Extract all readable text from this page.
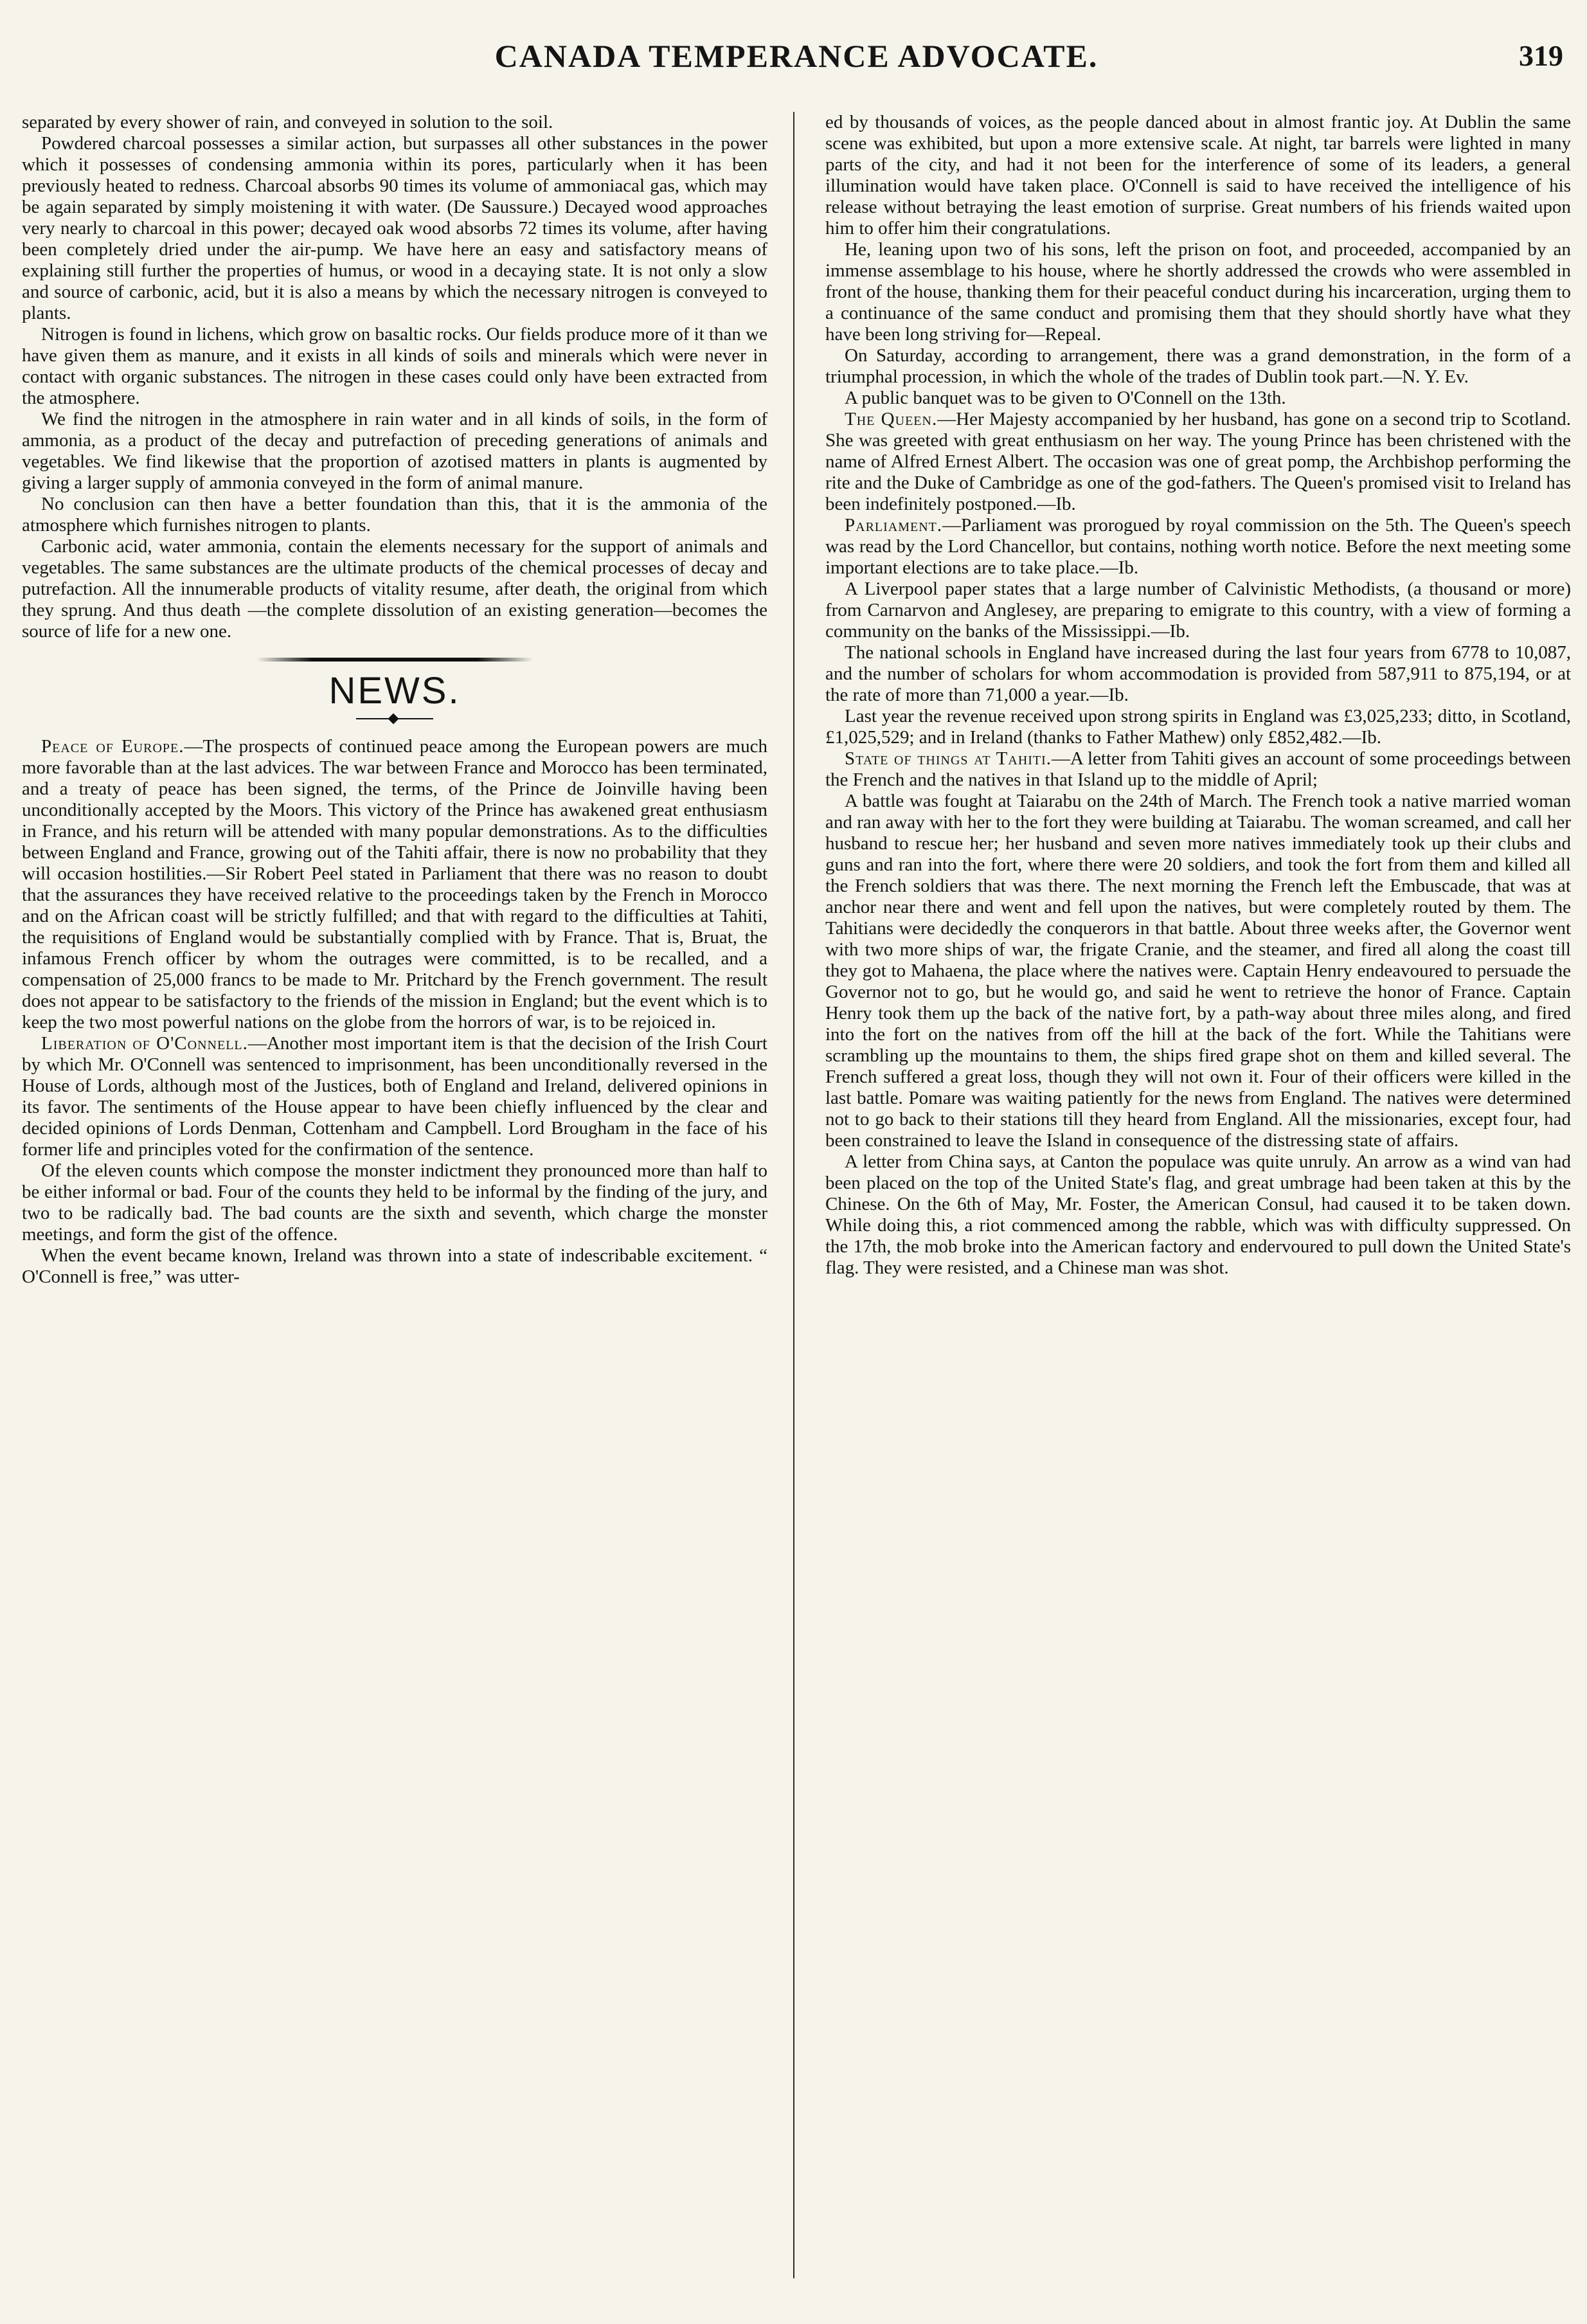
CANADA TEMPERANCE ADVOCATE.	319

separated by every shower of rain, and conveyed in solution to the soil.

Powdered charcoal possesses a similar action, but surpasses all other substances in the power which it possesses of condensing ammonia within its pores, particularly when it has been previously heated to redness. Charcoal absorbs 90 times its volume of ammoniacal gas, which may be again separated by simply moistening it with water. (De Saussure.) Decayed wood approaches very nearly to charcoal in this power; decayed oak wood absorbs 72 times its volume, after having been completely dried under the air-pump. We have here an easy and satisfactory means of explaining still further the properties of humus, or wood in a decaying state. It is not only a slow and source of carbonic, acid, but it is also a means by which the necessary nitrogen is conveyed to plants.

Nitrogen is found in lichens, which grow on basaltic rocks. Our fields produce more of it than we have given them as manure, and it exists in all kinds of soils and minerals which were never in contact with organic substances. The nitrogen in these cases could only have been extracted from the atmosphere.

We find the nitrogen in the atmosphere in rain water and in all kinds of soils, in the form of ammonia, as a product of the decay and putrefaction of preceding generations of animals and vegetables. We find likewise that the proportion of azotised matters in plants is augmented by giving a larger supply of ammonia conveyed in the form of animal manure.

No conclusion can then have a better foundation than this, that it is the ammonia of the atmosphere which furnishes nitrogen to plants.

Carbonic acid, water ammonia, contain the elements necessary for the support of animals and vegetables. The same substances are the ultimate products of the chemical processes of decay and putrefaction. All the innumerable products of vitality resume, after death, the original from which they sprung. And thus death —the complete dissolution of an existing generation—becomes the source of life for a new one.

NEWS.
Peace of Europe.—The prospects of continued peace among the European powers are much more favorable than at the last advices. The war between France and Morocco has been terminated, and a treaty of peace has been signed, the terms, of the Prince de Joinville having been unconditionally accepted by the Moors. This victory of the Prince has awakened great enthusiasm in France, and his return will be attended with many popular demonstrations. As to the difficulties between England and France, growing out of the Tahiti affair, there is now no probability that they will occasion hostilities.—Sir Robert Peel stated in Parliament that there was no reason to doubt that the assurances they have received relative to the proceedings taken by the French in Morocco and on the African coast will be strictly fulfilled; and that with regard to the difficulties at Tahiti, the requisitions of England would be substantially complied with by France. That is, Bruat, the infamous French officer by whom the outrages were committed, is to be recalled, and a compensation of 25,000 francs to be made to Mr. Pritchard by the French government. The result does not appear to be satisfactory to the friends of the mission in England; but the event which is to keep the two most powerful nations on the globe from the horrors of war, is to be rejoiced in.
Liberation of O'Connell.—Another most important item is that the decision of the Irish Court by which Mr. O'Connell was sentenced to imprisonment, has been unconditionally reversed in the House of Lords, although most of the Justices, both of England and Ireland, delivered opinions in its favor. The sentiments of the House appear to have been chiefly influenced by the clear and decided opinions of Lords Denman, Cottenham and Campbell. Lord Brougham in the face of his former life and principles voted for the confirmation of the sentence.
Of the eleven counts which compose the monster indictment they pronounced more than half to be either informal or bad. Four of the counts they held to be informal by the finding of the jury, and two to be radically bad. The bad counts are the sixth and seventh, which charge the monster meetings, and form the gist of the offence.
When the event became known, Ireland was thrown into a state of indescribable excitement. “ O'Connell is free,” was utter-
ed by thousands of voices, as the people danced about in almost frantic joy. At Dublin the same scene was exhibited, but upon a more extensive scale. At night, tar barrels were lighted in many parts of the city, and had it not been for the interference of some of its leaders, a general illumination would have taken place. O'Connell is said to have received the intelligence of his release without betraying the least emotion of surprise. Great numbers of his friends waited upon him to offer him their congratulations.
He, leaning upon two of his sons, left the prison on foot, and proceeded, accompanied by an immense assemblage to his house, where he shortly addressed the crowds who were assembled in front of the house, thanking them for their peaceful conduct during his incarceration, urging them to a continuance of the same conduct and promising them that they should shortly have what they have been long striving for—Repeal.
On Saturday, according to arrangement, there was a grand demonstration, in the form of a triumphal procession, in which the whole of the trades of Dublin took part.—N. Y. Ev.
A public banquet was to be given to O'Connell on the 13th.
The Queen.—Her Majesty accompanied by her husband, has gone on a second trip to Scotland. She was greeted with great enthusiasm on her way. The young Prince has been christened with the name of Alfred Ernest Albert. The occasion was one of great pomp, the Archbishop performing the rite and the Duke of Cambridge as one of the god-fathers. The Queen's promised visit to Ireland has been indefinitely postponed.—Ib.
Parliament.—Parliament was prorogued by royal commission on the 5th. The Queen's speech was read by the Lord Chancellor, but contains, nothing worth notice. Before the next meeting some important elections are to take place.—Ib.
A Liverpool paper states that a large number of Calvinistic Methodists, (a thousand or more) from Carnarvon and Anglesey, are preparing to emigrate to this country, with a view of forming a community on the banks of the Mississippi.—Ib.
The national schools in England have increased during the last four years from 6778 to 10,087, and the number of scholars for whom accommodation is provided from 587,911 to 875,194, or at the rate of more than 71,000 a year.—Ib.
Last year the revenue received upon strong spirits in England was £3,025,233; ditto, in Scotland, £1,025,529; and in Ireland (thanks to Father Mathew) only £852,482.—Ib.
State of things at Tahiti.—A letter from Tahiti gives an account of some proceedings between the French and the natives in that Island up to the middle of April;
A battle was fought at Taiarabu on the 24th of March. The French took a native married woman and ran away with her to the fort they were building at Taiarabu. The woman screamed, and call her husband to rescue her; her husband and seven more natives immediately took up their clubs and guns and ran into the fort, where there were 20 soldiers, and took the fort from them and killed all the French soldiers that was there. The next morning the French left the Embuscade, that was at anchor near there and went and fell upon the natives, but were completely routed by them. The Tahitians were decidedly the conquerors in that battle. About three weeks after, the Governor went with two more ships of war, the frigate Cranie, and the steamer, and fired all along the coast till they got to Mahaena, the place where the natives were. Captain Henry endeavoured to persuade the Governor not to go, but he would go, and said he went to retrieve the honor of France. Captain Henry took them up the back of the native fort, by a path-way about three miles along, and fired into the fort on the natives from off the hill at the back of the fort. While the Tahitians were scrambling up the mountains to them, the ships fired grape shot on them and killed several. The French suffered a great loss, though they will not own it. Four of their officers were killed in the last battle. Pomare was waiting patiently for the news from England. The natives were determined not to go back to their stations till they heard from England. All the missionaries, except four, had been constrained to leave the Island in consequence of the distressing state of affairs.
A letter from China says, at Canton the populace was quite unruly. An arrow as a wind van had been placed on the top of the United State's flag, and great umbrage had been taken at this by the Chinese. On the 6th of May, Mr. Foster, the American Consul, had caused it to be taken down. While doing this, a riot commenced among the rabble, which was with difficulty suppressed. On the 17th, the mob broke into the American factory and endervoured to pull down the United State's flag. They were resisted, and a Chinese man was shot.
